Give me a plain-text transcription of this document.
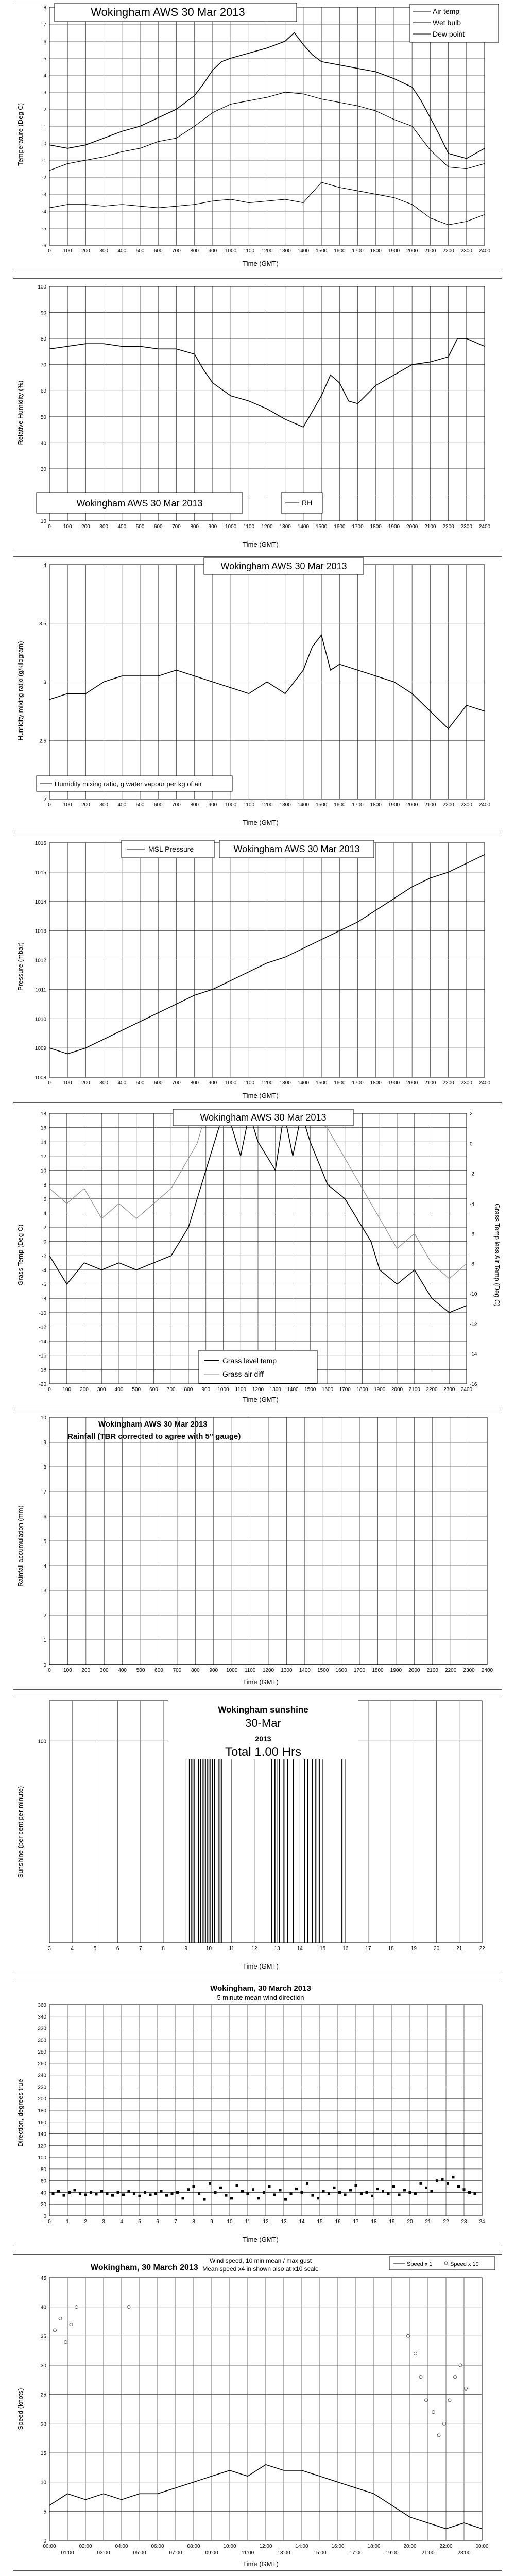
8
7
6
5
4
3
2
1
0
-1
-2
-3
-4
-5
-6
0 100 200 300 400 500 600 700 800 900 1000 1100 1200 1300 1400 1500 1600 1700 1800 1900 2000 2100 2200 2300 2400
Wokingham AWS 30 Mar 2013	Air temp
Wet bulb
Dew point
Time (GMT)
Temperature (Deg C)
100
90
80
70
60
50
40
30
10
0 100 200 300 400 500 600 700 800 900 1000 1100 1200 1300 1400 1500 1600 1700 1800 1900 2000 2100 2200 2300 2400
Wokingham AWS 30 Mar 2013	RH
Time (GMT)
Relative Humidity (%)
4
3.5
3
2.5
2
0 100 200 300 400 500 600 700 800 900 1000 1100 1200 1300 1400 1500 1600 1700 1800 1900 2000 2100 2200 2300 2400
Wokingham AWS 30 Mar 2013
Humidity mixing ratio, g water vapour per kg of air
Time (GMT)
Humidity mixing ratio (g/kilogram)
1016
1015
1014
1013
1012
1011
1010
1009
1008
0 100 200 300 400 500 600 700 800 900 1000 1100 1200 1300 1400 1500 1600 1700 1800 1900 2000 2100 2200 2300 2400
MSL Pressure	Wokingham AWS 30 Mar 2013
Time (GMT)
Pressure (mbar)
18
16
14
12
10
8
6
4
2
0
-2
-4
-6
-8
-10
-12
-14
-16
-18
-20
2
0
-2
-4
-6
-8
-10
-12
-14
-16
0 100 200 300 400 500 600 700 800 900 1000 1100 1200 1300 1400 1500 1600 1700 1800 1900 2000 2100 2200 2300 2400
Wokingham AWS 30 Mar 2013
Grass level temp
Grass-air diff
Time (GMT)
Grass Temp (Deg C)	Grass Temp less Air Temp (Deg C)
10
9
8
7
6
5
4
3
2
1
0
0 100 200 300 400 500 600 700 800 900 1000 1100 1200 1300 1400 1500 1600 1700 1800 1900 2000 2100 2200 2300 2400
Wokingham AWS 30 Mar 2013
Rainfall (TBR corrected to agree with 5" gauge)
Time (GMT)
Rainfall accumulation (mm)
100
3	4	5	6	7	8	9	10	11	12	13	14	15	16	17	18	19	20	21	22
Wokingham sunshine
30-Mar
2013
Total 1.00 Hrs
Time (GMT)
Sunshine (per cent per minute)
360
340
320
300
280
260
240
220
200
180
160
140
120
100
80
60
40
20
0
0	1	2	3	4	5	6	7	8	9	10 11 12 13 14 15 16 17 18 19 20 21 22 23 24
Wokingham, 30 March 2013
5 minute mean wind direction
Time (GMT)
Direction, degrees true
45
40
35
30
25
20
15
10
5
0
00:00	02:00	04:00	06:00	08:00	10:00	12:00	14:00	16:00	18:00	20:00	22:00	00:00
01:00	03:00	05:00	07:00	09:00	11:00	13:00	15:00	17:00	19:00	21:00	23:00
Wokingham, 30 March 2013
Wind speed, 10 min mean / max gust
Mean speed x4 in shown also at x10 scale
Speed x 1	Speed x 10
Time (GMT)
Speed (knots)
